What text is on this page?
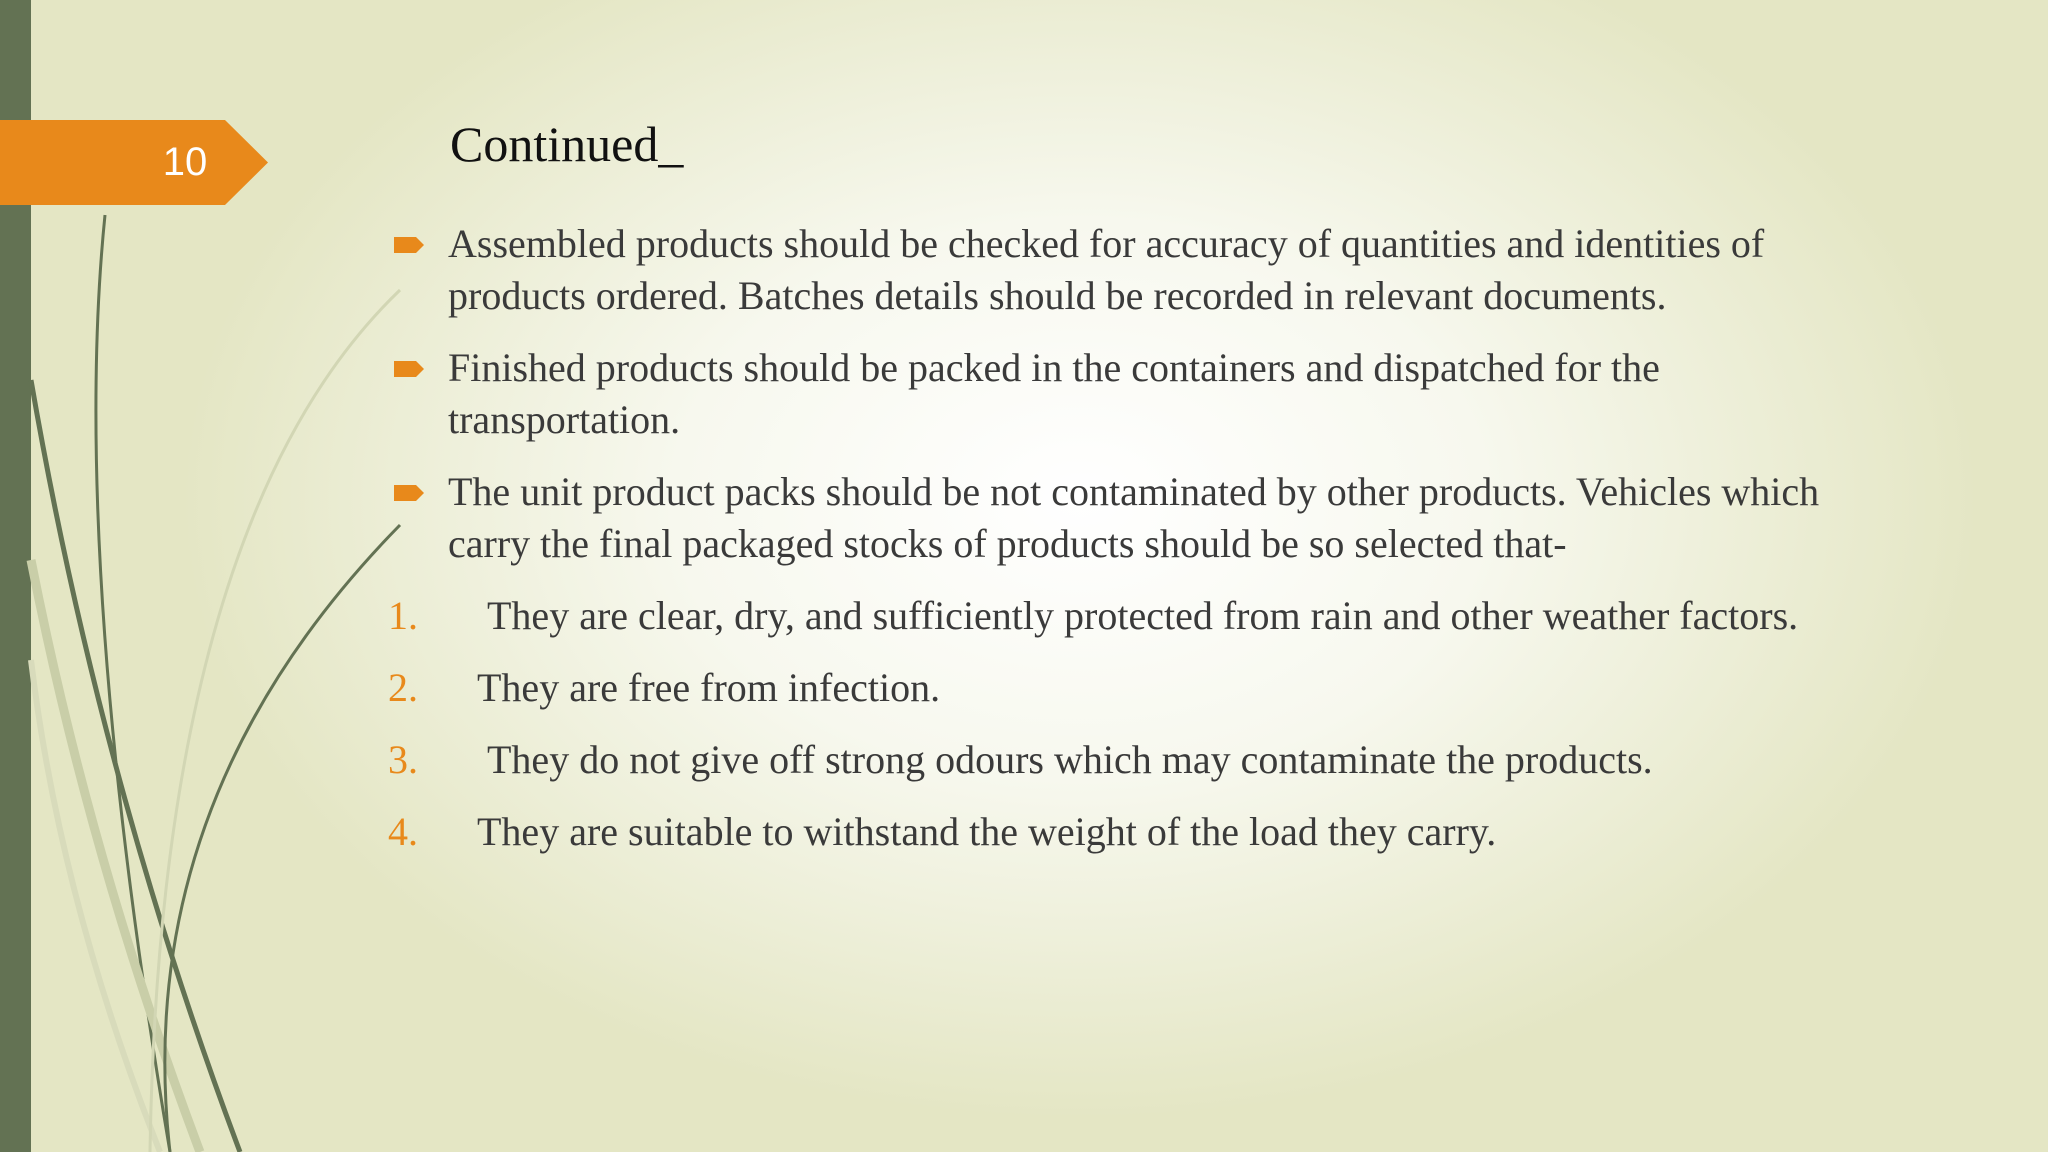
10	Continued_
Assembled products should be checked for accuracy of quantities and identities of products ordered. Batches details should be recorded in relevant documents.
Finished products should be packed in the containers and dispatched for the transportation.
The unit product packs should be not contaminated by other products. Vehicles which carry the final packaged stocks of products should be so selected that-
1. They are clear, dry, and sufficiently protected from rain and other weather factors.
2. They are free from infection.
3. They do not give off strong odours which may contaminate the products.
4. They are suitable to withstand the weight of the load they carry.
